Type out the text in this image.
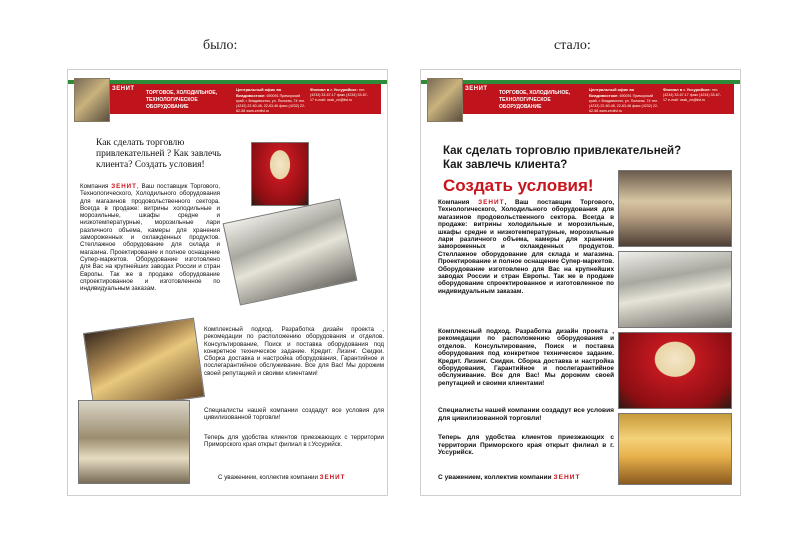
было:	стало:
ЗЕНИТ
ТОРГОВОЕ, ХОЛОДИЛЬНОЕ, ТЕХНОЛОГИЧЕСКОЕ ОБОРУДОВАНИЕ
Центральный офис во Владивостоке: 690091 Приморский край, г. Владивосток, ул. Пологая, 74 тел. (4232) 22-60-46, 22-63-46 факс (4232) 22-62-58 www.zenitvl.ru
Филиал в г. Уссурийске: тел. (4234) 33-67-17 факс (4234) 33-67-17 e-mail: ussk_zn@list.ru
Как сделать торговлю привлекательней ? Как завлечь клиента? Создать условия!
Компания ЗЕНИТ, Ваш поставщик Торгового, Технологического, Холодильного оборудования для магазинов продовольственного сектора. Всегда в продаже: витрины холодильные и морозильные, шкафы средне и низкотемпературные, морозильные лари различного объема, камеры для хранения замороженных и охлажденных продуктов. Стеллажное оборудование для склада и магазина. Проектирование и полное оснащение Супер-маркетов. Оборудование изготовлено для Вас на крупнейших заводах России и стран Европы. Так же в продаже оборудование спроектированное и изготовленное по индивидуальным заказам.
Комплексный подход. Разработка дизайн проекта , рекомедации по расположению оборудования и отделов. Консультирование, Поиск и поставка оборудования под конкретное техническое задание. Кредит. Лизинг. Скидки. Сборка доставка и настройка оборудования, Гарантийное и послегарантийное обслуживание. Все для Вас! Мы дорожим своей репутацией и своими клиентами!
Специалисты нашей компании создадут все условия для цивилизованной торговли!
Теперь для удобства клиентов приезжающих с территории Приморского края открыт филиал в г.Уссурийск.
С уважением, коллектив компании ЗЕНИТ
ЗЕНИТ
ТОРГОВОЕ, ХОЛОДИЛЬНОЕ, ТЕХНОЛОГИЧЕСКОЕ ОБОРУДОВАНИЕ
Центральный офис во Владивостоке: 690091 Приморский край, г. Владивосток, ул. Пологая, 74 тел. (4232) 22-60-46, 22-63-46 факс (4232) 22-62-58 www.zenitvl.ru
Филиал в г. Уссурийске: тел. (4234) 33-67-17 факс (4234) 33-67-17 e-mail: ussk_zn@list.ru
Как сделать торговлю привлекательней? Как завлечь клиента?
Создать условия!
Компания ЗЕНИТ, Ваш поставщик Торгового, Технологического, Холодильного оборудования для магазинов продовольственного сектора. Всегда в продаже: витрины холодильные и морозильные, шкафы средне и низкотемпературные, морозильные лари различного объема, камеры для хранения замороженных и охлажденных продуктов. Стеллажное оборудование для склада и магазина. Проектирование и полное оснащение Супер-маркетов. Оборудование изготовлено для Вас на крупнейших заводах России и стран Европы. Так же в продаже оборудование спроектированное и изготовленное по индивидуальным заказам.
Комплексный подход. Разработка дизайн проекта , рекомедации по расположению оборудования и отделов. Консультирование, Поиск и поставка оборудования под конкретное техническое задание. Кредит. Лизинг. Скидки. Сборка доставка и настройка оборудования, Гарантийное и послегарантийное обслуживание. Все для Вас! Мы дорожим своей репутацией и своими клиентами!
Специалисты нашей компании создадут все условия для цивилизованной торговли!
Теперь для удобства клиентов приезжающих с территории Приморского края открыт филиал в г. Уссурийск.
С уважением, коллектив компании ЗЕНИТ
